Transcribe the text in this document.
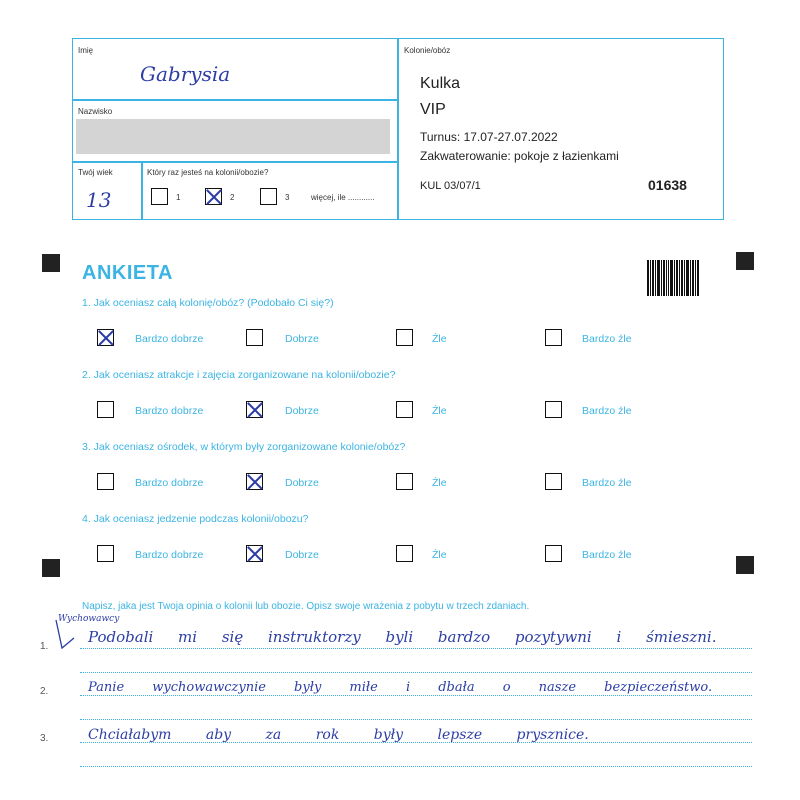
Imię
Gabrysia
Nazwisko
Twój wiek
13
Który raz jesteś na kolonii/obozie?
1	2	3	więcej, ile ............
Kolonie/obóz
Kulka
VIP
Turnus: 17.07-27.07.2022
Zakwaterowanie: pokoje z łazienkami
KUL 03/07/1	01638
ANKIETA
1. Jak oceniasz całą kolonię/obóz? (Podobało Ci się?)
Bardzo dobrze	Dobrze	Źle	Bardzo źle
2. Jak oceniasz atrakcje i zajęcia zorganizowane na kolonii/obozie?
Bardzo dobrze	Dobrze	Źle	Bardzo źle
3. Jak oceniasz ośrodek, w którym były zorganizowane kolonie/obóz?
Bardzo dobrze	Dobrze	Źle	Bardzo źle
4. Jak oceniasz jedzenie podczas kolonii/obozu?
Bardzo dobrze	Dobrze	Źle	Bardzo źle
Napisz, jaka jest Twoja opinia o kolonii lub obozie. Opisz swoje wrażenia z pobytu w trzech zdaniach.
1.
2.
3.
Wychowawcy
Podobali mi się instruktorzy byli bardzo pozytywni i śmieszni.
Panie wychowawczynie były miłe i dbała o nasze bezpieczeństwo.
Chciałabym aby za rok były lepsze prysznice.
